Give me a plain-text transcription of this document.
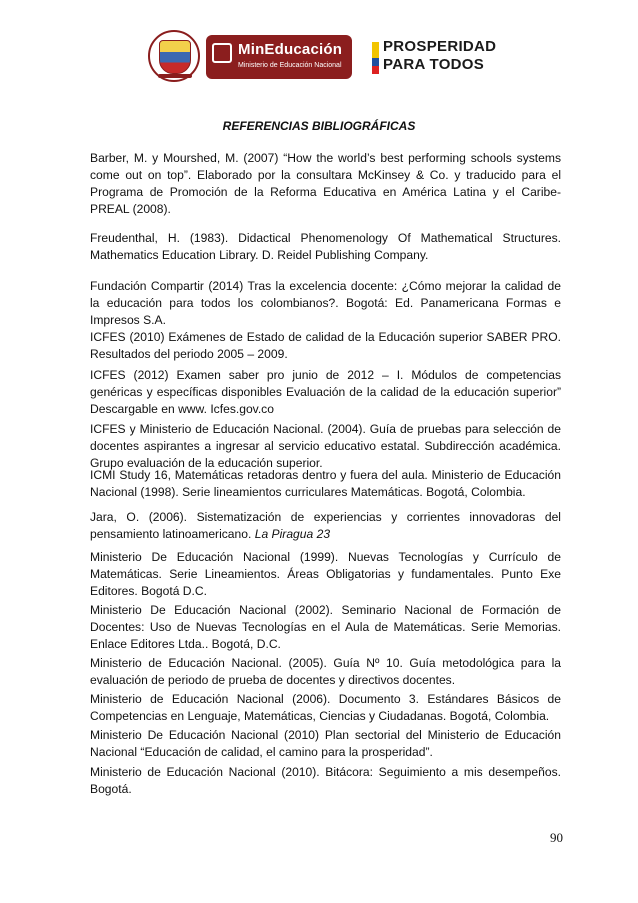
MinEducación
Ministerio de Educación Nacional
PROSPERIDAD
PARA TODOS
REFERENCIAS BIBLIOGRÁFICAS

Barber, M. y Mourshed, M. (2007) “How the world’s best performing schools systems come out on top”. Elaborado por la consultara McKinsey & Co. y traducido para el Programa de Promoción de la Reforma Educativa en América Latina y el Caribe- PREAL (2008).

Freudenthal, H. (1983). Didactical Phenomenology Of Mathematical Structures. Mathematics Education Library. D. Reidel Publishing Company.

Fundación Compartir (2014) Tras la excelencia docente: ¿Cómo mejorar la calidad de la educación para todos los colombianos?. Bogotá: Ed. Panamericana Formas e Impresos S.A.

ICFES (2010) Exámenes de Estado de calidad de la Educación superior SABER PRO. Resultados del periodo 2005 – 2009.

ICFES (2012) Examen saber pro junio de 2012 – I. Módulos de competencias genéricas y específicas disponibles Evaluación de la calidad de la educación superior” Descargable en www. Icfes.gov.co

ICFES y Ministerio de Educación Nacional. (2004). Guía de pruebas para selección de docentes aspirantes a ingresar al servicio educativo estatal. Subdirección académica. Grupo evaluación de la educación superior.

ICMI Study 16, Matemáticas retadoras dentro y fuera del aula. Ministerio de Educación Nacional (1998). Serie lineamientos curriculares Matemáticas. Bogotá, Colombia.

Jara, O. (2006). Sistematización de experiencias y corrientes innovadoras del pensamiento latinoamericano. La Piragua 23

Ministerio De Educación Nacional (1999). Nuevas Tecnologías y Currículo de Matemáticas. Serie Lineamientos. Áreas Obligatorias y fundamentales. Punto Exe Editores. Bogotá D.C.

Ministerio De Educación Nacional (2002). Seminario Nacional de Formación de Docentes: Uso de Nuevas Tecnologías en el Aula de Matemáticas. Serie Memorias. Enlace Editores Ltda.. Bogotá, D.C.

Ministerio de Educación Nacional. (2005). Guía Nº 10. Guía metodológica para la evaluación de periodo de prueba de docentes y directivos docentes.

Ministerio de Educación Nacional (2006). Documento 3. Estándares Básicos de Competencias en Lenguaje, Matemáticas, Ciencias y Ciudadanas. Bogotá, Colombia.

Ministerio De Educación Nacional (2010) Plan sectorial del Ministerio de Educación Nacional “Educación de calidad, el camino para la prosperidad”.

Ministerio de Educación Nacional (2010). Bitácora: Seguimiento a mis desempeños. Bogotá.

90
